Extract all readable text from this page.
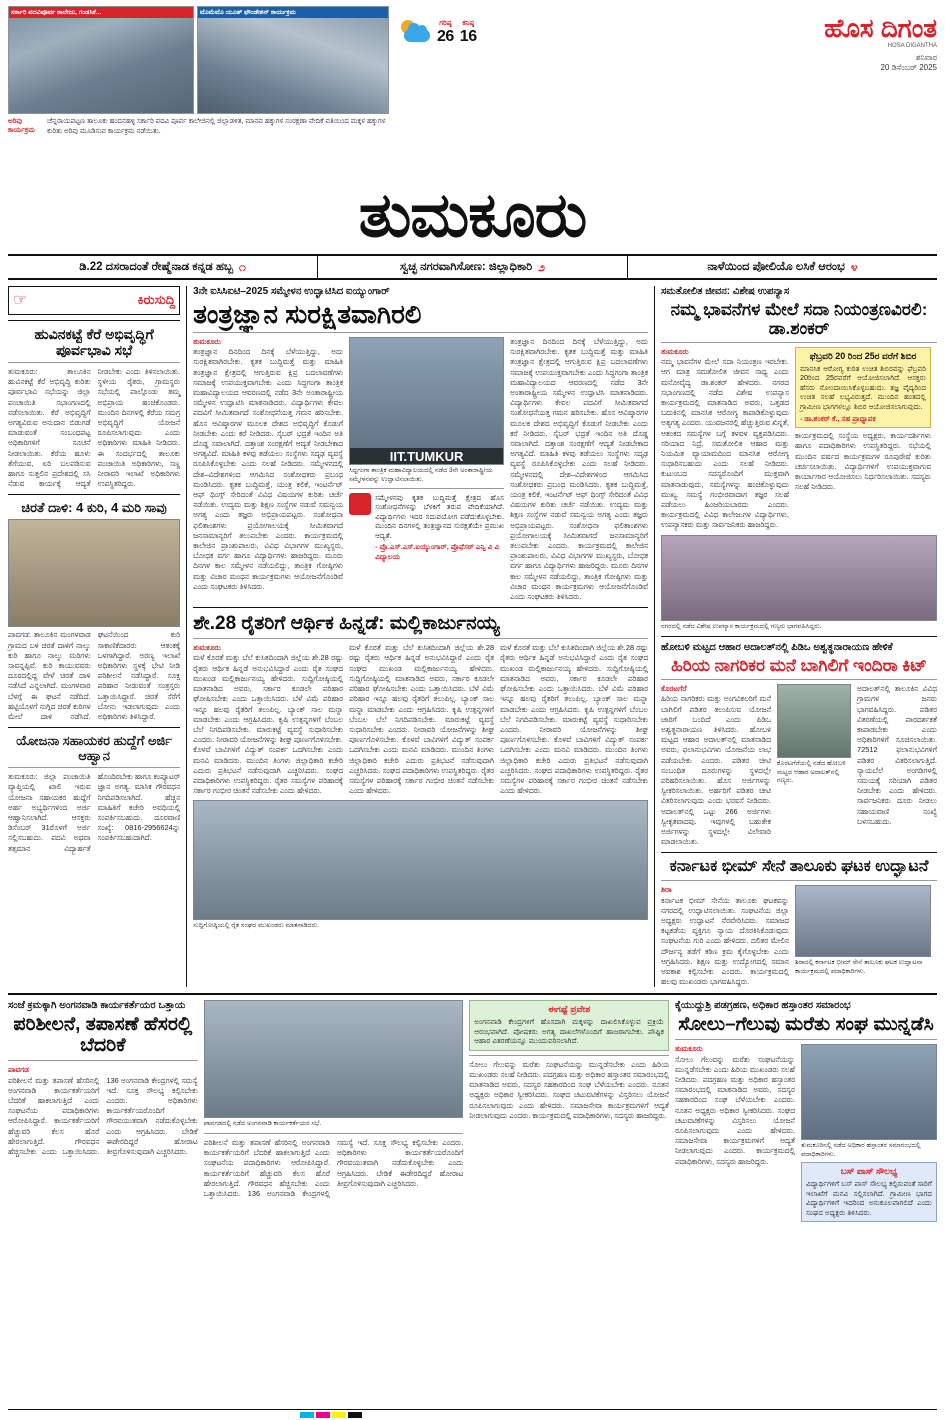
ಸರ್ಕಾರಿ ಪದವಿಪೂರ್ವ ಕಾಲೇಜು, ಗಂಡಸಿಕೆ...	ಟೊಮೆಟೊ ಯೂತ್ ಫೌಂಡೇಶನ್ ಕಾರ್ಯಕ್ರಮ
ಅರಿವು ಕಾರ್ಯಕ್ರಮ
ಚೆನ್ನರಾಯಪಟ್ಟಣ ತಾಲೂಕು ಹಂದನಹಳ್ಳಿ ಸರ್ಕಾರಿ ಪದವಿ ಪೂರ್ವ ಕಾಲೇಜಿನಲ್ಲಿ ಜಿಲ್ಲಾಡಳಿತ, ಮಾನವ ಹಕ್ಕುಗಳ ಸಂರಕ್ಷಣಾ ವೇದಿಕೆ ವತಿಯಿಂದ ಮಕ್ಕಳ ಹಕ್ಕುಗಳ ಕುರಿತು ಅರಿವು ಮೂಡಿಸುವ ಕಾರ್ಯಕ್ರಮ ನಡೆಯಿತು.
ಗರಿಷ್ಠ
26
ಕನಿಷ್ಠ
16	ಹೊಸ ದಿಗಂತ
HOSA DIGANTHA
ಶನಿವಾರ
20 ಡಿಸೆಂಬರ್ 2025
ತುಮಕೂರು
ಡಿ.22 ದಸರಾದಂತೆ ರೇಷ್ಮೆನಾಡ ಕನ್ನಡ ಹಬ್ಬ ೧	ಸ್ವಚ್ಛ ನಗರವಾಗಿಸೋಣ: ಜಿಲ್ಲಾಧಿಕಾರಿ ೨	ನಾಳೆಯಿಂದ ಪೋಲಿಯೊ ಲಸಿಕೆ ಆರಂಭ ೪
☞	ಕಿರುಸುದ್ದಿ
ಹುವಿನಕಟ್ಟೆ ಕೆರೆ ಅಭಿವೃದ್ಧಿಗೆ ಪೂರ್ವಭಾವಿ ಸಭೆ
ತುಮಕೂರು: ತಾಲೂಕಿನ ಹುವಿನಕಟ್ಟೆ ಕೆರೆ ಅಭಿವೃದ್ಧಿ ಕುರಿತು ಪೂರ್ವಭಾವಿ ಸಭೆಯನ್ನು ಜಿಲ್ಲಾ ಪಂಚಾಯಿತಿ ಸಭಾಂಗಣದಲ್ಲಿ ನಡೆಸಲಾಯಿತು. ಕೆರೆ ಅಭಿವೃದ್ಧಿಗೆ ಅಗತ್ಯವಿರುವ ಅನುದಾನ ಬಿಡುಗಡೆ ಮಾಡುವಂತೆ ಸಂಬಂಧಪಟ್ಟ ಅಧಿಕಾರಿಗಳಿಗೆ ಸೂಚನೆ ನೀಡಲಾಯಿತು. ಕೆರೆಯ ಹೂಳು ತೆಗೆಯುವ, ಏರಿ ಬಲಪಡಿಸುವ ಹಾಗೂ ಸುತ್ತಲಿನ ಪ್ರದೇಶದಲ್ಲಿ ಸಸಿ ನೆಡುವ ಕಾರ್ಯಕ್ಕೆ ಆದ್ಯತೆ ನೀಡಬೇಕು ಎಂದು ತಿಳಿಸಲಾಯಿತು. ಸ್ಥಳೀಯ ರೈತರು, ಗ್ರಾಮಸ್ಥರು ಸಭೆಯಲ್ಲಿ ಪಾಲ್ಗೊಂಡು ತಮ್ಮ ಅಭಿಪ್ರಾಯ ಹಂಚಿಕೊಂಡರು. ಮುಂದಿನ ದಿನಗಳಲ್ಲಿ ಕೆರೆಯ ಸಮಗ್ರ ಅಭಿವೃದ್ಧಿಗೆ ಯೋಜನೆ ರೂಪಿಸಲಾಗುವುದು ಎಂದು ಅಧಿಕಾರಿಗಳು ಮಾಹಿತಿ ನೀಡಿದರು. ಈ ಸಂದರ್ಭದಲ್ಲಿ ತಾಲೂಕು ಪಂಚಾಯಿತಿ ಅಧಿಕಾರಿಗಳು, ಸಣ್ಣ ನೀರಾವರಿ ಇಲಾಖೆ ಅಧಿಕಾರಿಗಳು ಉಪಸ್ಥಿತರಿದ್ದರು.
ಚಿರತೆ ದಾಳಿ: 4 ಕುರಿ, 4 ಮರಿ ಸಾವು
ಪಾವಗಡ: ತಾಲೂಕಿನ ಮಂಗಳವಾಡ ಗ್ರಾಮದ ಬಳಿ ಚಿರತೆ ದಾಳಿಗೆ ನಾಲ್ಕು ಕುರಿ ಹಾಗೂ ನಾಲ್ಕು ಮರಿಗಳು ಸಾವನ್ನಪ್ಪಿವೆ. ಕುರಿ ಕಾಯುವವರು ದೂರದಲ್ಲಿದ್ದ ವೇಳೆ ಚಿರತೆ ದಾಳಿ ನಡೆಸಿದೆ ಎನ್ನಲಾಗಿದೆ. ಮಂಗಳವಾರ ಬೆಳಗ್ಗೆ ಈ ಘಟನೆ ನಡೆದಿದೆ. ಹಟ್ಟಿಯೊಳಗೆ ನುಗ್ಗಿದ ಚಿರತೆ ಕುರಿಗಳ ಮೇಲೆ ದಾಳಿ ನಡೆಸಿದೆ. ಘಟನೆಯಿಂದ ಕುರಿ ಸಾಕಾಣಿಕೆದಾರರು ಆತಂಕಕ್ಕೆ ಒಳಗಾಗಿದ್ದಾರೆ. ಅರಣ್ಯ ಇಲಾಖೆ ಅಧಿಕಾರಿಗಳು ಸ್ಥಳಕ್ಕೆ ಭೇಟಿ ನೀಡಿ ಪರಿಶೀಲನೆ ನಡೆಸಿದ್ದಾರೆ. ಸೂಕ್ತ ಪರಿಹಾರ ನೀಡುವಂತೆ ಸಂತ್ರಸ್ತರು ಒತ್ತಾಯಿಸಿದ್ದಾರೆ. ಚಿರತೆ ಸೆರೆಗೆ ಬೋನು ಇಡಲಾಗುವುದು ಎಂದು ಅಧಿಕಾರಿಗಳು ತಿಳಿಸಿದ್ದಾರೆ.
ಯೋಜನಾ ಸಹಾಯಕರ ಹುದ್ದೆಗೆ ಅರ್ಜಿ ಆಹ್ವಾನ
ತುಮಕೂರು: ಜಿಲ್ಲಾ ಪಂಚಾಯಿತಿ ವ್ಯಾಪ್ತಿಯಲ್ಲಿ ಖಾಲಿ ಇರುವ ಯೋಜನಾ ಸಹಾಯಕರ ಹುದ್ದೆಗೆ ಅರ್ಹ ಅಭ್ಯರ್ಥಿಗಳಿಂದ ಅರ್ಜಿ ಆಹ್ವಾನಿಸಲಾಗಿದೆ. ಆಸಕ್ತರು ಡಿಸೆಂಬರ್ 31ರೊಳಗೆ ಅರ್ಜಿ ಸಲ್ಲಿಸಬಹುದು. ಪದವಿ ಅಥವಾ ತತ್ಸಮಾನ ವಿದ್ಯಾರ್ಹತೆ ಹೊಂದಿರಬೇಕು ಹಾಗೂ ಕಂಪ್ಯೂಟರ್ ಜ್ಞಾನ ಅಗತ್ಯ. ಮಾಸಿಕ ಗೌರವಧನ ನಿಗದಿಪಡಿಸಲಾಗಿದೆ. ಹೆಚ್ಚಿನ ಮಾಹಿತಿಗೆ ಕಚೇರಿ ಅವಧಿಯಲ್ಲಿ ಸಂಪರ್ಕಿಸಬಹುದು. ದೂರವಾಣಿ ಸಂಖ್ಯೆ: 0816-2956624ನ್ನು ಸಂಪರ್ಕಿಸಬಹುದಾಗಿದೆ.
3ನೇ ಐಸಿಸಿಐಟಿ–2025 ಸಮ್ಮೇಳನ ಉದ್ಘಾಟಿಸಿದ ಐಯ್ಯುಂಗಾರ್
ತಂತ್ರಜ್ಞಾನ ಸುರಕ್ಷಿತವಾಗಿರಲಿ
ತುಮಕೂರು
ತಂತ್ರಜ್ಞಾನ ದಿನದಿಂದ ದಿನಕ್ಕೆ ಬೆಳೆಯುತ್ತಿದ್ದು, ಅದು ಸುರಕ್ಷಿತವಾಗಿರಬೇಕು. ಕೃತಕ ಬುದ್ಧಿಮತ್ತೆ ಮತ್ತು ಮಾಹಿತಿ ತಂತ್ರಜ್ಞಾನ ಕ್ಷೇತ್ರದಲ್ಲಿ ಆಗುತ್ತಿರುವ ಕ್ಷಿಪ್ರ ಬದಲಾವಣೆಗಳು ಸಮಾಜಕ್ಕೆ ಉಪಯುಕ್ತವಾಗಬೇಕು ಎಂದು ಸಿದ್ಧಗಂಗಾ ತಾಂತ್ರಿಕ ಮಹಾವಿದ್ಯಾಲಯದ ಆವರಣದಲ್ಲಿ ನಡೆದ 3ನೇ ಅಂತಾರಾಷ್ಟ್ರೀಯ ಸಮ್ಮೇಳನ ಉದ್ಘಾಟಿಸಿ ಮಾತನಾಡಿದರು. ವಿದ್ಯಾರ್ಥಿಗಳು ಕೇವಲ ಪದವಿಗೆ ಸೀಮಿತವಾಗದೆ ಸಂಶೋಧನೆಯತ್ತ ಗಮನ ಹರಿಸಬೇಕು. ಹೊಸ ಆವಿಷ್ಕಾರಗಳ ಮೂಲಕ ದೇಶದ ಅಭಿವೃದ್ಧಿಗೆ ಕೊಡುಗೆ ನೀಡಬೇಕು ಎಂದು ಕರೆ ನೀಡಿದರು. ಸೈಬರ್ ಭದ್ರತೆ ಇಂದಿನ ಅತಿ ದೊಡ್ಡ ಸವಾಲಾಗಿದೆ. ದತ್ತಾಂಶ ಸಂರಕ್ಷಣೆಗೆ ಆದ್ಯತೆ ನೀಡಬೇಕಾದ ಅಗತ್ಯವಿದೆ. ಮಾಹಿತಿ ಕಳವು ತಡೆಯಲು ಸಂಸ್ಥೆಗಳು ಸದೃಢ ವ್ಯವಸ್ಥೆ ರೂಪಿಸಿಕೊಳ್ಳಬೇಕು ಎಂದು ಸಲಹೆ ನೀಡಿದರು. ಸಮ್ಮೇಳನದಲ್ಲಿ ದೇಶ–ವಿದೇಶಗಳಿಂದ ಆಗಮಿಸಿದ ಸಂಶೋಧಕರು ಪ್ರಬಂಧ ಮಂಡಿಸಿದರು. ಕೃತಕ ಬುದ್ಧಿಮತ್ತೆ, ಯಂತ್ರ ಕಲಿಕೆ, ಇಂಟರ್ನೆಟ್ ಆಫ್ ಥಿಂಗ್ಸ್ ಸೇರಿದಂತೆ ವಿವಿಧ ವಿಷಯಗಳ ಕುರಿತು ಚರ್ಚೆ ನಡೆಯಿತು. ಉದ್ಯಮ ಮತ್ತು ಶಿಕ್ಷಣ ಸಂಸ್ಥೆಗಳ ನಡುವೆ ಸಮನ್ವಯ ಅಗತ್ಯ ಎಂದು ತಜ್ಞರು ಅಭಿಪ್ರಾಯಪಟ್ಟರು. ಸಂಶೋಧನಾ ಫಲಿತಾಂಶಗಳು ಪ್ರಯೋಗಾಲಯಕ್ಕೆ ಸೀಮಿತವಾಗದೆ ಜನಸಾಮಾನ್ಯರಿಗೆ ತಲುಪಬೇಕು ಎಂದರು. ಕಾರ್ಯಕ್ರಮದಲ್ಲಿ ಕಾಲೇಜಿನ ಪ್ರಾಂಶುಪಾಲರು, ವಿವಿಧ ವಿಭಾಗಗಳ ಮುಖ್ಯಸ್ಥರು, ಬೋಧಕ ವರ್ಗ ಹಾಗೂ ವಿದ್ಯಾರ್ಥಿಗಳು ಹಾಜರಿದ್ದರು. ಮೂರು ದಿನಗಳ ಕಾಲ ಸಮ್ಮೇಳನ ನಡೆಯಲಿದ್ದು, ತಾಂತ್ರಿಕ ಗೋಷ್ಠಿಗಳು ಮತ್ತು ವಿಚಾರ ಮಂಥನ ಕಾರ್ಯಕ್ರಮಗಳು ಆಯೋಜನೆಗೊಂಡಿವೆ ಎಂದು ಸಂಘಟಕರು ತಿಳಿಸಿದರು.
IIT.TUMKUR
ಸಿದ್ಧಗಂಗಾ ತಾಂತ್ರಿಕ ಮಹಾವಿದ್ಯಾಲಯದಲ್ಲಿ ನಡೆದ 3ನೇ ಅಂತಾರಾಷ್ಟ್ರೀಯ ಸಮ್ಮೇಳನವನ್ನು ಉದ್ಘಾಟಿಸಲಾಯಿತು.
ಸಮ್ಮೇಳನವು ಕೃತಕ ಬುದ್ಧಿಮತ್ತೆ ಕ್ಷೇತ್ರದ ಹೊಸ ಸಂಶೋಧನೆಗಳನ್ನು ಬೆಳಕಿಗೆ ತರುವ ವೇದಿಕೆಯಾಗಿದೆ. ವಿದ್ಯಾರ್ಥಿಗಳು ಇದರ ಸದುಪಯೋಗ ಪಡೆದುಕೊಳ್ಳಬೇಕು. ಮುಂದಿನ ದಿನಗಳಲ್ಲಿ ತಂತ್ರಜ್ಞಾನದ ಸುರಕ್ಷತೆಯೇ ಪ್ರಮುಖ ಆದ್ಯತೆ.
- ಪ್ರೊ.ಎಸ್.ಎಸ್.ಐಯ್ಯುಂಗಾರ್, ಪ್ರೊಫೆಸರ್ ಎನ್ವಿ ವಿ ವಿ ವಿದ್ಯಾಲಯ
ತಂತ್ರಜ್ಞಾನ ದಿನದಿಂದ ದಿನಕ್ಕೆ ಬೆಳೆಯುತ್ತಿದ್ದು, ಅದು ಸುರಕ್ಷಿತವಾಗಿರಬೇಕು. ಕೃತಕ ಬುದ್ಧಿಮತ್ತೆ ಮತ್ತು ಮಾಹಿತಿ ತಂತ್ರಜ್ಞಾನ ಕ್ಷೇತ್ರದಲ್ಲಿ ಆಗುತ್ತಿರುವ ಕ್ಷಿಪ್ರ ಬದಲಾವಣೆಗಳು ಸಮಾಜಕ್ಕೆ ಉಪಯುಕ್ತವಾಗಬೇಕು ಎಂದು ಸಿದ್ಧಗಂಗಾ ತಾಂತ್ರಿಕ ಮಹಾವಿದ್ಯಾಲಯದ ಆವರಣದಲ್ಲಿ ನಡೆದ 3ನೇ ಅಂತಾರಾಷ್ಟ್ರೀಯ ಸಮ್ಮೇಳನ ಉದ್ಘಾಟಿಸಿ ಮಾತನಾಡಿದರು. ವಿದ್ಯಾರ್ಥಿಗಳು ಕೇವಲ ಪದವಿಗೆ ಸೀಮಿತವಾಗದೆ ಸಂಶೋಧನೆಯತ್ತ ಗಮನ ಹರಿಸಬೇಕು. ಹೊಸ ಆವಿಷ್ಕಾರಗಳ ಮೂಲಕ ದೇಶದ ಅಭಿವೃದ್ಧಿಗೆ ಕೊಡುಗೆ ನೀಡಬೇಕು ಎಂದು ಕರೆ ನೀಡಿದರು. ಸೈಬರ್ ಭದ್ರತೆ ಇಂದಿನ ಅತಿ ದೊಡ್ಡ ಸವಾಲಾಗಿದೆ. ದತ್ತಾಂಶ ಸಂರಕ್ಷಣೆಗೆ ಆದ್ಯತೆ ನೀಡಬೇಕಾದ ಅಗತ್ಯವಿದೆ. ಮಾಹಿತಿ ಕಳವು ತಡೆಯಲು ಸಂಸ್ಥೆಗಳು ಸದೃಢ ವ್ಯವಸ್ಥೆ ರೂಪಿಸಿಕೊಳ್ಳಬೇಕು ಎಂದು ಸಲಹೆ ನೀಡಿದರು. ಸಮ್ಮೇಳನದಲ್ಲಿ ದೇಶ–ವಿದೇಶಗಳಿಂದ ಆಗಮಿಸಿದ ಸಂಶೋಧಕರು ಪ್ರಬಂಧ ಮಂಡಿಸಿದರು. ಕೃತಕ ಬುದ್ಧಿಮತ್ತೆ, ಯಂತ್ರ ಕಲಿಕೆ, ಇಂಟರ್ನೆಟ್ ಆಫ್ ಥಿಂಗ್ಸ್ ಸೇರಿದಂತೆ ವಿವಿಧ ವಿಷಯಗಳ ಕುರಿತು ಚರ್ಚೆ ನಡೆಯಿತು. ಉದ್ಯಮ ಮತ್ತು ಶಿಕ್ಷಣ ಸಂಸ್ಥೆಗಳ ನಡುವೆ ಸಮನ್ವಯ ಅಗತ್ಯ ಎಂದು ತಜ್ಞರು ಅಭಿಪ್ರಾಯಪಟ್ಟರು. ಸಂಶೋಧನಾ ಫಲಿತಾಂಶಗಳು ಪ್ರಯೋಗಾಲಯಕ್ಕೆ ಸೀಮಿತವಾಗದೆ ಜನಸಾಮಾನ್ಯರಿಗೆ ತಲುಪಬೇಕು ಎಂದರು. ಕಾರ್ಯಕ್ರಮದಲ್ಲಿ ಕಾಲೇಜಿನ ಪ್ರಾಂಶುಪಾಲರು, ವಿವಿಧ ವಿಭಾಗಗಳ ಮುಖ್ಯಸ್ಥರು, ಬೋಧಕ ವರ್ಗ ಹಾಗೂ ವಿದ್ಯಾರ್ಥಿಗಳು ಹಾಜರಿದ್ದರು. ಮೂರು ದಿನಗಳ ಕಾಲ ಸಮ್ಮೇಳನ ನಡೆಯಲಿದ್ದು, ತಾಂತ್ರಿಕ ಗೋಷ್ಠಿಗಳು ಮತ್ತು ವಿಚಾರ ಮಂಥನ ಕಾರ್ಯಕ್ರಮಗಳು ಆಯೋಜನೆಗೊಂಡಿವೆ ಎಂದು ಸಂಘಟಕರು ತಿಳಿಸಿದರು.
ಶೇ.28 ರೈತರಿಗೆ ಆರ್ಥಿಕ ಹಿನ್ನಡೆ: ಮಲ್ಲಿಕಾರ್ಜುನಯ್ಯ
ತುಮಕೂರು
ಮಳೆ ಕೊರತೆ ಮತ್ತು ಬೆಲೆ ಕುಸಿತದಿಂದಾಗಿ ಜಿಲ್ಲೆಯ ಶೇ.28 ರಷ್ಟು ರೈತರು ಆರ್ಥಿಕ ಹಿನ್ನಡೆ ಅನುಭವಿಸಿದ್ದಾರೆ ಎಂದು ರೈತ ಸಂಘದ ಮುಖಂಡ ಮಲ್ಲಿಕಾರ್ಜುನಯ್ಯ ಹೇಳಿದರು. ಸುದ್ದಿಗೋಷ್ಠಿಯಲ್ಲಿ ಮಾತನಾಡಿದ ಅವರು, ಸರ್ಕಾರ ಕೂಡಲೇ ಪರಿಹಾರ ಘೋಷಿಸಬೇಕು ಎಂದು ಒತ್ತಾಯಿಸಿದರು. ಬೆಳೆ ವಿಮೆ ಪರಿಹಾರ ಇನ್ನೂ ಹಲವು ರೈತರಿಗೆ ತಲುಪಿಲ್ಲ. ಬ್ಯಾಂಕ್ ಸಾಲ ಮನ್ನಾ ಮಾಡಬೇಕು ಎಂದು ಆಗ್ರಹಿಸಿದರು. ಕೃಷಿ ಉತ್ಪನ್ನಗಳಿಗೆ ಬೆಂಬಲ ಬೆಲೆ ನಿಗದಿಪಡಿಸಬೇಕು. ಮಾರುಕಟ್ಟೆ ವ್ಯವಸ್ಥೆ ಸುಧಾರಿಸಬೇಕು ಎಂದರು. ನೀರಾವರಿ ಯೋಜನೆಗಳನ್ನು ಶೀಘ್ರ ಪೂರ್ಣಗೊಳಿಸಬೇಕು. ಕೊಳವೆ ಬಾವಿಗಳಿಗೆ ವಿದ್ಯುತ್ ಸಂಪರ್ಕ ಒದಗಿಸಬೇಕು ಎಂದು ಮನವಿ ಮಾಡಿದರು. ಮುಂದಿನ ತಿಂಗಳು ಜಿಲ್ಲಾಧಿಕಾರಿ ಕಚೇರಿ ಎದುರು ಪ್ರತಿಭಟನೆ ನಡೆಸುವುದಾಗಿ ಎಚ್ಚರಿಸಿದರು. ಸಂಘದ ಪದಾಧಿಕಾರಿಗಳು ಉಪಸ್ಥಿತರಿದ್ದರು. ರೈತರ ಸಮಸ್ಯೆಗಳ ಪರಿಹಾರಕ್ಕೆ ಸರ್ಕಾರ ಗಂಭೀರ ಚಿಂತನೆ ನಡೆಸಬೇಕು ಎಂದು ಹೇಳಿದರು.
ಮಳೆ ಕೊರತೆ ಮತ್ತು ಬೆಲೆ ಕುಸಿತದಿಂದಾಗಿ ಜಿಲ್ಲೆಯ ಶೇ.28 ರಷ್ಟು ರೈತರು ಆರ್ಥಿಕ ಹಿನ್ನಡೆ ಅನುಭವಿಸಿದ್ದಾರೆ ಎಂದು ರೈತ ಸಂಘದ ಮುಖಂಡ ಮಲ್ಲಿಕಾರ್ಜುನಯ್ಯ ಹೇಳಿದರು. ಸುದ್ದಿಗೋಷ್ಠಿಯಲ್ಲಿ ಮಾತನಾಡಿದ ಅವರು, ಸರ್ಕಾರ ಕೂಡಲೇ ಪರಿಹಾರ ಘೋಷಿಸಬೇಕು ಎಂದು ಒತ್ತಾಯಿಸಿದರು. ಬೆಳೆ ವಿಮೆ ಪರಿಹಾರ ಇನ್ನೂ ಹಲವು ರೈತರಿಗೆ ತಲುಪಿಲ್ಲ. ಬ್ಯಾಂಕ್ ಸಾಲ ಮನ್ನಾ ಮಾಡಬೇಕು ಎಂದು ಆಗ್ರಹಿಸಿದರು. ಕೃಷಿ ಉತ್ಪನ್ನಗಳಿಗೆ ಬೆಂಬಲ ಬೆಲೆ ನಿಗದಿಪಡಿಸಬೇಕು. ಮಾರುಕಟ್ಟೆ ವ್ಯವಸ್ಥೆ ಸುಧಾರಿಸಬೇಕು ಎಂದರು. ನೀರಾವರಿ ಯೋಜನೆಗಳನ್ನು ಶೀಘ್ರ ಪೂರ್ಣಗೊಳಿಸಬೇಕು. ಕೊಳವೆ ಬಾವಿಗಳಿಗೆ ವಿದ್ಯುತ್ ಸಂಪರ್ಕ ಒದಗಿಸಬೇಕು ಎಂದು ಮನವಿ ಮಾಡಿದರು. ಮುಂದಿನ ತಿಂಗಳು ಜಿಲ್ಲಾಧಿಕಾರಿ ಕಚೇರಿ ಎದುರು ಪ್ರತಿಭಟನೆ ನಡೆಸುವುದಾಗಿ ಎಚ್ಚರಿಸಿದರು. ಸಂಘದ ಪದಾಧಿಕಾರಿಗಳು ಉಪಸ್ಥಿತರಿದ್ದರು. ರೈತರ ಸಮಸ್ಯೆಗಳ ಪರಿಹಾರಕ್ಕೆ ಸರ್ಕಾರ ಗಂಭೀರ ಚಿಂತನೆ ನಡೆಸಬೇಕು ಎಂದು ಹೇಳಿದರು.
ಮಳೆ ಕೊರತೆ ಮತ್ತು ಬೆಲೆ ಕುಸಿತದಿಂದಾಗಿ ಜಿಲ್ಲೆಯ ಶೇ.28 ರಷ್ಟು ರೈತರು ಆರ್ಥಿಕ ಹಿನ್ನಡೆ ಅನುಭವಿಸಿದ್ದಾರೆ ಎಂದು ರೈತ ಸಂಘದ ಮುಖಂಡ ಮಲ್ಲಿಕಾರ್ಜುನಯ್ಯ ಹೇಳಿದರು. ಸುದ್ದಿಗೋಷ್ಠಿಯಲ್ಲಿ ಮಾತನಾಡಿದ ಅವರು, ಸರ್ಕಾರ ಕೂಡಲೇ ಪರಿಹಾರ ಘೋಷಿಸಬೇಕು ಎಂದು ಒತ್ತಾಯಿಸಿದರು. ಬೆಳೆ ವಿಮೆ ಪರಿಹಾರ ಇನ್ನೂ ಹಲವು ರೈತರಿಗೆ ತಲುಪಿಲ್ಲ. ಬ್ಯಾಂಕ್ ಸಾಲ ಮನ್ನಾ ಮಾಡಬೇಕು ಎಂದು ಆಗ್ರಹಿಸಿದರು. ಕೃಷಿ ಉತ್ಪನ್ನಗಳಿಗೆ ಬೆಂಬಲ ಬೆಲೆ ನಿಗದಿಪಡಿಸಬೇಕು. ಮಾರುಕಟ್ಟೆ ವ್ಯವಸ್ಥೆ ಸುಧಾರಿಸಬೇಕು ಎಂದರು. ನೀರಾವರಿ ಯೋಜನೆಗಳನ್ನು ಶೀಘ್ರ ಪೂರ್ಣಗೊಳಿಸಬೇಕು. ಕೊಳವೆ ಬಾವಿಗಳಿಗೆ ವಿದ್ಯುತ್ ಸಂಪರ್ಕ ಒದಗಿಸಬೇಕು ಎಂದು ಮನವಿ ಮಾಡಿದರು. ಮುಂದಿನ ತಿಂಗಳು ಜಿಲ್ಲಾಧಿಕಾರಿ ಕಚೇರಿ ಎದುರು ಪ್ರತಿಭಟನೆ ನಡೆಸುವುದಾಗಿ ಎಚ್ಚರಿಸಿದರು. ಸಂಘದ ಪದಾಧಿಕಾರಿಗಳು ಉಪಸ್ಥಿತರಿದ್ದರು. ರೈತರ ಸಮಸ್ಯೆಗಳ ಪರಿಹಾರಕ್ಕೆ ಸರ್ಕಾರ ಗಂಭೀರ ಚಿಂತನೆ ನಡೆಸಬೇಕು ಎಂದು ಹೇಳಿದರು.
ಸುದ್ದಿಗೋಷ್ಠಿಯಲ್ಲಿ ರೈತ ಸಂಘದ ಮುಖಂಡರು ಮಾತನಾಡಿದರು.
ಸಮತೋಲಿತ ಜೀವನ: ವಿಶೇಷ ಉಪನ್ಯಾಸ
ನಮ್ಮ ಭಾವನೆಗಳ ಮೇಲೆ ಸದಾ ನಿಯಂತ್ರಣವಿರಲಿ: ಡಾ.ಶಂಕರ್
ತುಮಕೂರು
ನಮ್ಮ ಭಾವನೆಗಳ ಮೇಲೆ ಸದಾ ನಿಯಂತ್ರಣ ಇರಬೇಕು. ಆಗ ಮಾತ್ರ ಸಮತೋಲಿತ ಜೀವನ ಸಾಧ್ಯ ಎಂದು ಮನೋವೈದ್ಯ ಡಾ.ಶಂಕರ್ ಹೇಳಿದರು. ನಗರದ ಸಭಾಂಗಣದಲ್ಲಿ ನಡೆದ ವಿಶೇಷ ಉಪನ್ಯಾಸ ಕಾರ್ಯಕ್ರಮದಲ್ಲಿ ಮಾತನಾಡಿದ ಅವರು, ಒತ್ತಡದ ಬದುಕಿನಲ್ಲಿ ಮಾನಸಿಕ ಆರೋಗ್ಯ ಕಾಪಾಡಿಕೊಳ್ಳುವುದು ಅತ್ಯಗತ್ಯ ಎಂದರು. ಯುವಜನರಲ್ಲಿ ಹೆಚ್ಚುತ್ತಿರುವ ಖಿನ್ನತೆ, ಆತಂಕದ ಸಮಸ್ಯೆಗಳ ಬಗ್ಗೆ ಕಳವಳ ವ್ಯಕ್ತಪಡಿಸಿದರು. ಸರಿಯಾದ ನಿದ್ರೆ, ಸಮತೋಲಿತ ಆಹಾರ ಮತ್ತು ನಿಯಮಿತ ವ್ಯಾಯಾಮದಿಂದ ಮಾನಸಿಕ ಆರೋಗ್ಯ ಸುಧಾರಿಸಬಹುದು ಎಂದು ಸಲಹೆ ನೀಡಿದರು. ಕುಟುಂಬದ ಸದಸ್ಯರೊಂದಿಗೆ ಮುಕ್ತವಾಗಿ ಮಾತನಾಡುವುದು, ಸಮಸ್ಯೆಗಳನ್ನು ಹಂಚಿಕೊಳ್ಳುವುದು ಮುಖ್ಯ. ಸಮಸ್ಯೆ ಗಂಭೀರವಾದಾಗ ತಜ್ಞರ ಸಲಹೆ ಪಡೆಯಲು ಹಿಂಜರಿಯಬಾರದು ಎಂದರು. ಕಾರ್ಯಕ್ರಮದಲ್ಲಿ ವಿವಿಧ ಕಾಲೇಜುಗಳ ವಿದ್ಯಾರ್ಥಿಗಳು, ಉಪನ್ಯಾಸಕರು ಮತ್ತು ಸಾರ್ವಜನಿಕರು ಹಾಜರಿದ್ದರು.
ಫೆಬ್ರವರಿ 20 ರಿಂದ 25ರ ವರೆಗೆ ಶಿಬಿರ
ಮಾನಸಿಕ ಆರೋಗ್ಯ ಕುರಿತ ಉಚಿತ ಶಿಬಿರವನ್ನು ಫೆಬ್ರವರಿ 20ರಿಂದ 25ರವರೆಗೆ ಆಯೋಜಿಸಲಾಗಿದೆ. ಆಸಕ್ತರು ಹೆಸರು ನೋಂದಾಯಿಸಿಕೊಳ್ಳಬಹುದು. ತಜ್ಞ ವೈದ್ಯರಿಂದ ಉಚಿತ ಸಲಹೆ ಲಭ್ಯವಿರುತ್ತದೆ. ಮುಂದಿನ ಹಂತದಲ್ಲಿ ಗ್ರಾಮೀಣ ಭಾಗಗಳಲ್ಲೂ ಶಿಬಿರ ಆಯೋಜಿಸಲಾಗುವುದು.
- ಡಾ.ಶಂಕರ್ ಕೆ., ಸಹ ಪ್ರಾಧ್ಯಾಪಕ
ಕಾರ್ಯಕ್ರಮದಲ್ಲಿ ಸಂಸ್ಥೆಯ ಅಧ್ಯಕ್ಷರು, ಕಾರ್ಯದರ್ಶಿಗಳು ಹಾಗೂ ಪದಾಧಿಕಾರಿಗಳು ಉಪಸ್ಥಿತರಿದ್ದರು. ಸಭೆಯಲ್ಲಿ ಮುಂದಿನ ವರ್ಷದ ಕಾರ್ಯಕ್ರಮಗಳ ರೂಪುರೇಷೆ ಕುರಿತು ಚರ್ಚಿಸಲಾಯಿತು. ವಿದ್ಯಾರ್ಥಿಗಳಿಗೆ ಉಪಯುಕ್ತವಾಗುವ ಕಾರ್ಯಾಗಾರ ಆಯೋಜಿಸಲು ನಿರ್ಧರಿಸಲಾಯಿತು. ಸದಸ್ಯರು ಸಲಹೆ ನೀಡಿದರು.
ನಗರದಲ್ಲಿ ನಡೆದ ವಿಶೇಷ ಉಪನ್ಯಾಸ ಕಾರ್ಯಕ್ರಮದಲ್ಲಿ ಗಣ್ಯರು ಭಾಗವಹಿಸಿದ್ದರು.
ಹೋಬಳಿ ಮಟ್ಟದ ಆಹಾರ ಅದಾಲತ್‌ನಲ್ಲಿ ಪಿಡಿಒ ಅಶ್ವತ್ಥನಾರಾಯಣ ಹೇಳಿಕೆ
ಹಿರಿಯ ನಾಗರಿಕರ ಮನೆ ಬಾಗಿಲಿಗೆ ಇಂದಿರಾ ಕಿಟ್
ಕೊರಟಗೆರೆ
ಹಿರಿಯ ನಾಗರಿಕರು ಮತ್ತು ಅಂಗವಿಕಲರಿಗೆ ಮನೆ ಬಾಗಿಲಿಗೆ ಪಡಿತರ ತಲುಪಿಸುವ ಯೋಜನೆ ಜಾರಿಗೆ ಬಂದಿದೆ ಎಂದು ಪಿಡಿಒ ಅಶ್ವತ್ಥನಾರಾಯಣ ತಿಳಿಸಿದರು. ಹೋಬಳಿ ಮಟ್ಟದ ಆಹಾರ ಅದಾಲತ್‌ನಲ್ಲಿ ಮಾತನಾಡಿದ ಅವರು, ಫಲಾನುಭವಿಗಳು ಯೋಜನೆಯ ಲಾಭ ಪಡೆಯಬೇಕು ಎಂದರು. ಪಡಿತರ ಚೀಟಿ ಸಂಬಂಧಿತ ದೂರುಗಳನ್ನು ಸ್ಥಳದಲ್ಲೇ ಪರಿಹರಿಸಲಾಯಿತು. ಹೊಸ ಅರ್ಜಿಗಳನ್ನು ಸ್ವೀಕರಿಸಲಾಯಿತು. ಅರ್ಹರಿಗೆ ಪಡಿತರ ಚೀಟಿ ವಿತರಿಸಲಾಗುವುದು ಎಂದು ಭರವಸೆ ನೀಡಿದರು. ಅದಾಲತ್‌ನಲ್ಲಿ ಒಟ್ಟು 266 ಅರ್ಜಿಗಳು ಸ್ವೀಕೃತವಾದವು. ಇವುಗಳಲ್ಲಿ ಬಹುತೇಕ ಅರ್ಜಿಗಳನ್ನು ಸ್ಥಳದಲ್ಲೇ ವಿಲೇವಾರಿ ಮಾಡಲಾಯಿತು.
ಕೊರಟಗೆರೆಯಲ್ಲಿ ನಡೆದ ಹೋಬಳಿ ಮಟ್ಟದ ಆಹಾರ ಅದಾಲತ್‌ನಲ್ಲಿ ಗಣ್ಯರು.
ಅದಾಲತ್‌ನಲ್ಲಿ ತಾಲೂಕಿನ ವಿವಿಧ ಗ್ರಾಮಗಳ ಜನರು ಭಾಗವಹಿಸಿದ್ದರು. ಪಡಿತರ ವಿತರಣೆಯಲ್ಲಿ ಪಾರದರ್ಶಕತೆ ಕಾಪಾಡಬೇಕು ಎಂದು ಅಧಿಕಾರಿಗಳಿಗೆ ಸೂಚಿಸಲಾಯಿತು. 72512 ಫಲಾನುಭವಿಗಳಿಗೆ ಪಡಿತರ ವಿತರಿಸಲಾಗುತ್ತಿದೆ. ನ್ಯಾಯಬೆಲೆ ಅಂಗಡಿಗಳಲ್ಲಿ ಸಮಯಕ್ಕೆ ಸರಿಯಾಗಿ ಪಡಿತರ ನೀಡಬೇಕು ಎಂದು ಹೇಳಿದರು. ಸಾರ್ವಜನಿಕರು ದೂರು ನೀಡಲು ಸಹಾಯವಾಣಿ ಸಂಖ್ಯೆ ಬಳಸಬಹುದು.
ಕರ್ನಾಟಕ ಭೀಮ್ ಸೇನೆ ತಾಲೂಕು ಘಟಕ ಉದ್ಘಾಟನೆ
ಶಿರಾ
ಕರ್ನಾಟಕ ಭೀಮ್ ಸೇನೆಯ ತಾಲೂಕು ಘಟಕವನ್ನು ನಗರದಲ್ಲಿ ಉದ್ಘಾಟಿಸಲಾಯಿತು. ಸಂಘಟನೆಯ ಜಿಲ್ಲಾ ಅಧ್ಯಕ್ಷರು ಉದ್ಘಾಟನೆ ನೆರವೇರಿಸಿದರು. ಸಮಾಜದ ಕಟ್ಟಕಡೆಯ ವ್ಯಕ್ತಿಗೂ ನ್ಯಾಯ ದೊರಕಿಸಿಕೊಡುವುದು ಸಂಘಟನೆಯ ಗುರಿ ಎಂದು ಹೇಳಿದರು. ದಲಿತರ ಮೇಲಿನ ದೌರ್ಜನ್ಯ ತಡೆಗೆ ಕಠಿಣ ಕ್ರಮ ಕೈಗೊಳ್ಳಬೇಕು ಎಂದು ಆಗ್ರಹಿಸಿದರು. ಶಿಕ್ಷಣ ಮತ್ತು ಉದ್ಯೋಗದಲ್ಲಿ ಸಮಾನ ಅವಕಾಶ ಕಲ್ಪಿಸಬೇಕು ಎಂದರು. ಕಾರ್ಯಕ್ರಮದಲ್ಲಿ ಹಲವು ಮುಖಂಡರು ಭಾಗವಹಿಸಿದ್ದರು.
ಶಿರಾದಲ್ಲಿ ಕರ್ನಾಟಕ ಭೀಮ್ ಸೇನೆ ತಾಲೂಕು ಘಟಕ ಉದ್ಘಾಟನಾ ಕಾರ್ಯಕ್ರಮದಲ್ಲಿ ಪದಾಧಿಕಾರಿಗಳು.
ಸಂಜೆ ಕ್ರಮಕ್ಕಾಗಿ ಅಂಗನವಾಡಿ ಕಾರ್ಯಕರ್ತೆಯರ ಒತ್ತಾಯ
ಪರಿಶೀಲನೆ, ತಪಾಸಣೆ ಹೆಸರಲ್ಲಿ ಬೆದರಿಕೆ
ಪಾವಗಡ
ಪರಿಶೀಲನೆ ಮತ್ತು ತಪಾಸಣೆ ಹೆಸರಿನಲ್ಲಿ ಅಂಗನವಾಡಿ ಕಾರ್ಯಕರ್ತೆಯರಿಗೆ ಬೆದರಿಕೆ ಹಾಕಲಾಗುತ್ತಿದೆ ಎಂದು ಸಂಘಟನೆಯ ಪದಾಧಿಕಾರಿಗಳು ಆರೋಪಿಸಿದ್ದಾರೆ. ಕಾರ್ಯಕರ್ತೆಯರಿಗೆ ಹೆಚ್ಚುವರಿ ಕೆಲಸ ಹೊರೆ ಹೇರಲಾಗುತ್ತಿದೆ. ಗೌರವಧನ ಹೆಚ್ಚಿಸಬೇಕು ಎಂದು ಒತ್ತಾಯಿಸಿದರು. 136 ಅಂಗನವಾಡಿ ಕೇಂದ್ರಗಳಲ್ಲಿ ಸಮಸ್ಯೆ ಇದೆ. ಸೂಕ್ತ ಸೌಲಭ್ಯ ಕಲ್ಪಿಸಬೇಕು ಎಂದರು. ಅಧಿಕಾರಿಗಳು ಕಾರ್ಯಕರ್ತೆಯರೊಂದಿಗೆ ಗೌರವಯುತವಾಗಿ ನಡೆದುಕೊಳ್ಳಬೇಕು ಎಂದು ಆಗ್ರಹಿಸಿದರು. ಬೇಡಿಕೆ ಈಡೇರದಿದ್ದರೆ ಹೋರಾಟ ತೀವ್ರಗೊಳಿಸುವುದಾಗಿ ಎಚ್ಚರಿಸಿದರು.
ಪಾವಗಡದಲ್ಲಿ ನಡೆದ ಅಂಗನವಾಡಿ ಕಾರ್ಯಕರ್ತೆಯರ ಸಭೆ.
ಪರಿಶೀಲನೆ ಮತ್ತು ತಪಾಸಣೆ ಹೆಸರಿನಲ್ಲಿ ಅಂಗನವಾಡಿ ಕಾರ್ಯಕರ್ತೆಯರಿಗೆ ಬೆದರಿಕೆ ಹಾಕಲಾಗುತ್ತಿದೆ ಎಂದು ಸಂಘಟನೆಯ ಪದಾಧಿಕಾರಿಗಳು ಆರೋಪಿಸಿದ್ದಾರೆ. ಕಾರ್ಯಕರ್ತೆಯರಿಗೆ ಹೆಚ್ಚುವರಿ ಕೆಲಸ ಹೊರೆ ಹೇರಲಾಗುತ್ತಿದೆ. ಗೌರವಧನ ಹೆಚ್ಚಿಸಬೇಕು ಎಂದು ಒತ್ತಾಯಿಸಿದರು. 136 ಅಂಗನವಾಡಿ ಕೇಂದ್ರಗಳಲ್ಲಿ ಸಮಸ್ಯೆ ಇದೆ. ಸೂಕ್ತ ಸೌಲಭ್ಯ ಕಲ್ಪಿಸಬೇಕು ಎಂದರು. ಅಧಿಕಾರಿಗಳು ಕಾರ್ಯಕರ್ತೆಯರೊಂದಿಗೆ ಗೌರವಯುತವಾಗಿ ನಡೆದುಕೊಳ್ಳಬೇಕು ಎಂದು ಆಗ್ರಹಿಸಿದರು. ಬೇಡಿಕೆ ಈಡೇರದಿದ್ದರೆ ಹೋರಾಟ ತೀವ್ರಗೊಳಿಸುವುದಾಗಿ ಎಚ್ಚರಿಸಿದರು.
ಈಗಷ್ಟೆ ಪ್ರವೇಶ
ಅಂಗನವಾಡಿ ಕೇಂದ್ರಗಳಿಗೆ ಹೊಸದಾಗಿ ಮಕ್ಕಳನ್ನು ದಾಖಲಿಸಿಕೊಳ್ಳುವ ಪ್ರಕ್ರಿಯೆ ಆರಂಭವಾಗಿದೆ. ಪೋಷಕರು ಅಗತ್ಯ ದಾಖಲೆಗಳೊಂದಿಗೆ ಹಾಜರಾಗಬೇಕು. ಪೌಷ್ಟಿಕ ಆಹಾರ ವಿತರಣೆಯನ್ನೂ ಮುಂದುವರಿಸಲಾಗಿದೆ.
ಸೋಲು ಗೆಲುವನ್ನು ಮರೆತು ಸಂಘಟನೆಯನ್ನು ಮುನ್ನಡೆಸಬೇಕು ಎಂದು ಹಿರಿಯ ಮುಖಂಡರು ಸಲಹೆ ನೀಡಿದರು. ಪದಗ್ರಹಣ ಮತ್ತು ಅಧಿಕಾರ ಹಸ್ತಾಂತರ ಸಮಾರಂಭದಲ್ಲಿ ಮಾತನಾಡಿದ ಅವರು, ಸದಸ್ಯರ ಸಹಕಾರದಿಂದ ಸಂಘ ಬೆಳೆಯಬೇಕು ಎಂದರು. ನೂತನ ಅಧ್ಯಕ್ಷರು ಅಧಿಕಾರ ಸ್ವೀಕರಿಸಿದರು. ಸಂಘದ ಚಟುವಟಿಕೆಗಳನ್ನು ವಿಸ್ತರಿಸಲು ಯೋಜನೆ ರೂಪಿಸಲಾಗುವುದು ಎಂದು ಹೇಳಿದರು. ಸಮಾಜಸೇವಾ ಕಾರ್ಯಕ್ರಮಗಳಿಗೆ ಆದ್ಯತೆ ನೀಡಲಾಗುವುದು ಎಂದರು. ಕಾರ್ಯಕ್ರಮದಲ್ಲಿ ಪದಾಧಿಕಾರಿಗಳು, ಸದಸ್ಯರು ಹಾಜರಿದ್ದರು.
ಕೈಯುದ್ದುಶ್ರಿ ಪಡಗ್ರಹಣ, ಅಧಿಕಾರ ಹಸ್ತಾಂತರ ಸಮಾರಂಭ
ಸೋಲು–ಗೆಲುವು ಮರೆತು ಸಂಘ ಮುನ್ನಡೆಸಿ
ತುಮಕೂರು
ಸೋಲು ಗೆಲುವನ್ನು ಮರೆತು ಸಂಘಟನೆಯನ್ನು ಮುನ್ನಡೆಸಬೇಕು ಎಂದು ಹಿರಿಯ ಮುಖಂಡರು ಸಲಹೆ ನೀಡಿದರು. ಪದಗ್ರಹಣ ಮತ್ತು ಅಧಿಕಾರ ಹಸ್ತಾಂತರ ಸಮಾರಂಭದಲ್ಲಿ ಮಾತನಾಡಿದ ಅವರು, ಸದಸ್ಯರ ಸಹಕಾರದಿಂದ ಸಂಘ ಬೆಳೆಯಬೇಕು ಎಂದರು. ನೂತನ ಅಧ್ಯಕ್ಷರು ಅಧಿಕಾರ ಸ್ವೀಕರಿಸಿದರು. ಸಂಘದ ಚಟುವಟಿಕೆಗಳನ್ನು ವಿಸ್ತರಿಸಲು ಯೋಜನೆ ರೂಪಿಸಲಾಗುವುದು ಎಂದು ಹೇಳಿದರು. ಸಮಾಜಸೇವಾ ಕಾರ್ಯಕ್ರಮಗಳಿಗೆ ಆದ್ಯತೆ ನೀಡಲಾಗುವುದು ಎಂದರು. ಕಾರ್ಯಕ್ರಮದಲ್ಲಿ ಪದಾಧಿಕಾರಿಗಳು, ಸದಸ್ಯರು ಹಾಜರಿದ್ದರು.
ತುಮಕೂರಿನಲ್ಲಿ ನಡೆದ ಅಧಿಕಾರ ಹಸ್ತಾಂತರ ಸಮಾರಂಭದಲ್ಲಿ ಪದಾಧಿಕಾರಿಗಳು.
ಬಸ್ ಪಾಸ್ ಸೌಲಭ್ಯ
ವಿದ್ಯಾರ್ಥಿಗಳಿಗೆ ಬಸ್ ಪಾಸ್ ಸೌಲಭ್ಯ ಕಲ್ಪಿಸುವಂತೆ ಸಾರಿಗೆ ಇಲಾಖೆಗೆ ಮನವಿ ಸಲ್ಲಿಸಲಾಗಿದೆ. ಗ್ರಾಮೀಣ ಭಾಗದ ವಿದ್ಯಾರ್ಥಿಗಳಿಗೆ ಇದರಿಂದ ಅನುಕೂಲವಾಗಲಿದೆ ಎಂದು ಸಂಘದ ಅಧ್ಯಕ್ಷರು ತಿಳಿಸಿದರು.
